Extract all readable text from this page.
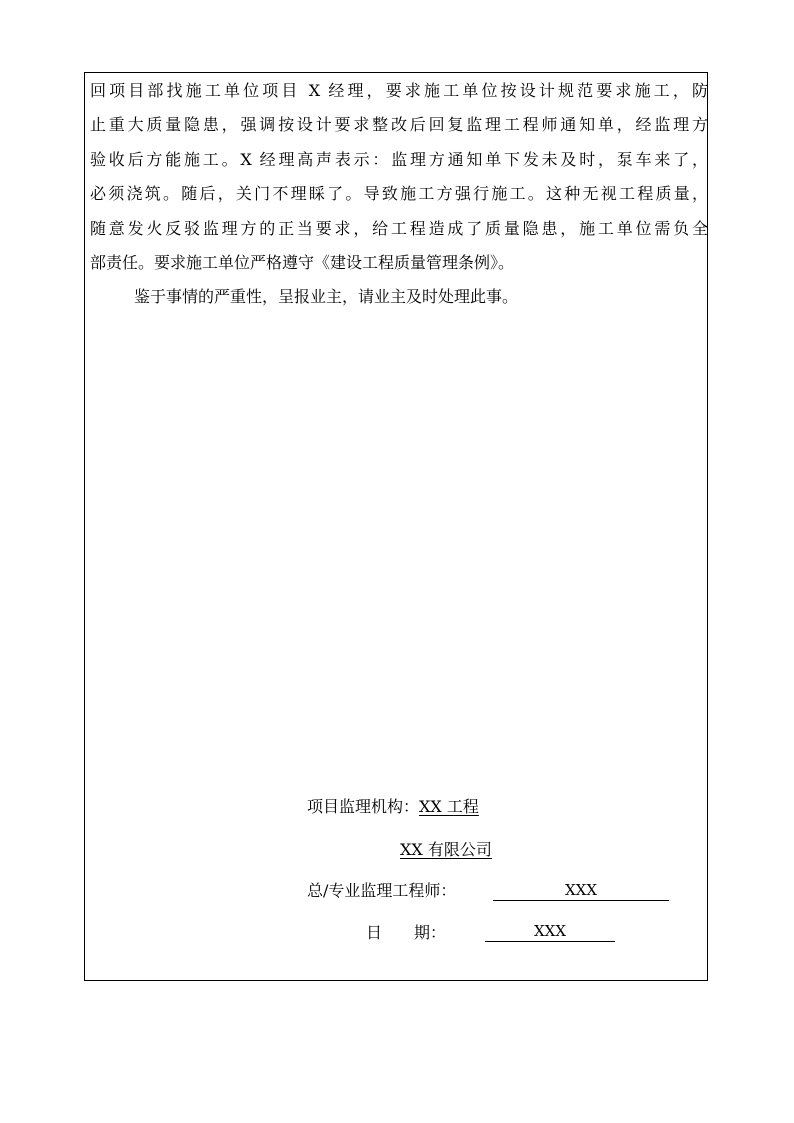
回项目部找施工单位项目 X 经理，要求施工单位按设计规范要求施工，防
止重大质量隐患，强调按设计要求整改后回复监理工程师通知单，经监理方
验收后方能施工。X 经理高声表示：监理方通知单下发未及时，泵车来了，
必须浇筑。随后，关门不理睬了。导致施工方强行施工。这种无视工程质量，
随意发火反驳监理方的正当要求，给工程造成了质量隐患，施工单位需负全
部责任。要求施工单位严格遵守《建设工程质量管理条例》。
鉴于事情的严重性，呈报业主，请业主及时处理此事。
项目监理机构：XX 工程
XX 有限公司
总/专业监理工程师：	XXX
日　　期：	XXX
